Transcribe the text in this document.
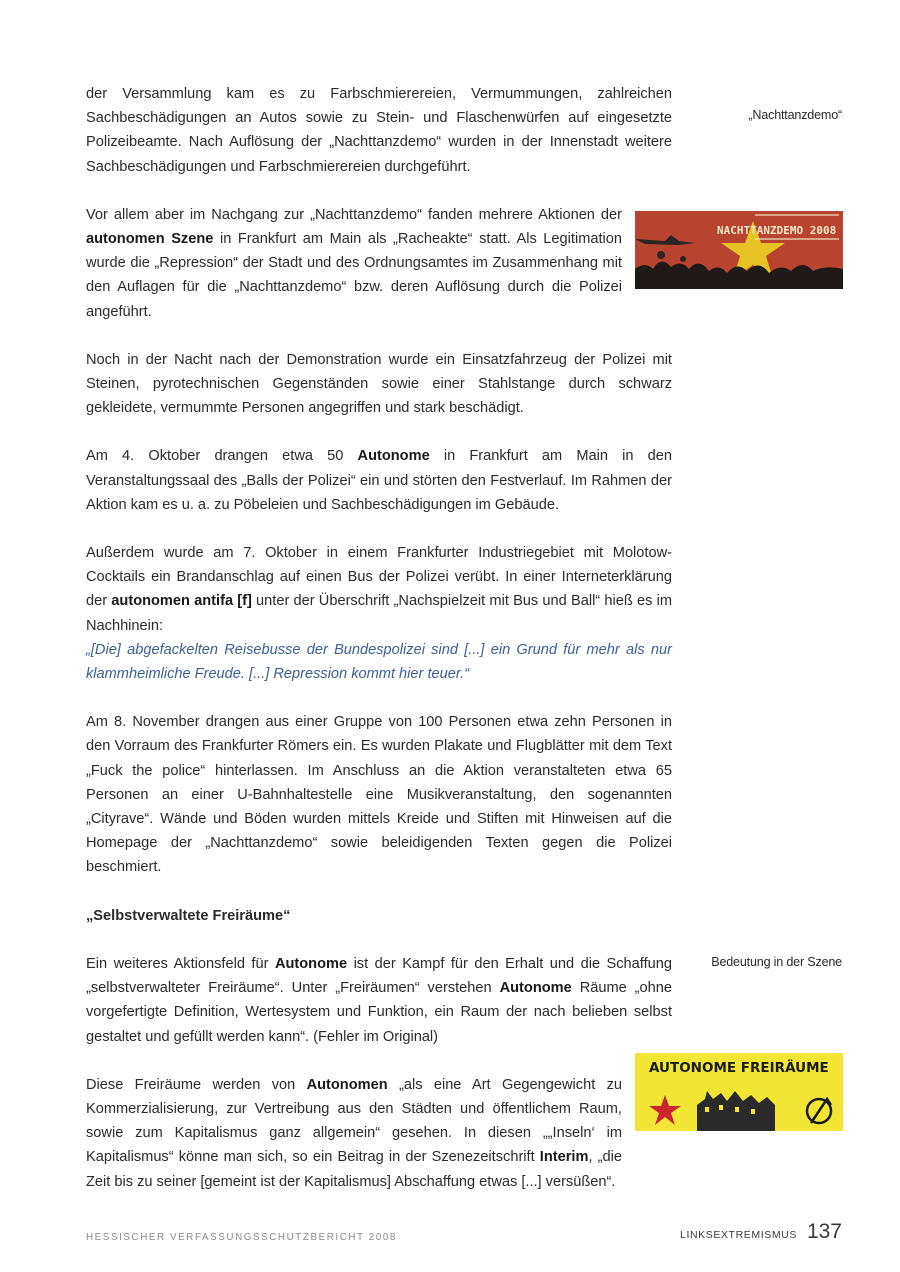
der Versammlung kam es zu Farbschmierereien, Vermummungen, zahlreichen Sachbeschädigungen an Autos sowie zu Stein- und Flaschenwürfen auf eingesetzte Polizeibeamte. Nach Auflösung der „Nachttanzdemo“ wurden in der Innenstadt weitere Sachbeschädigungen und Farbschmierereien durchgeführt.

Vor allem aber im Nachgang zur „Nachttanzdemo“ fanden mehrere Aktionen der autonomen Szene in Frankfurt am Main als „Racheakte“ statt. Als Legitimation wurde die „Repression“ der Stadt und des Ordnungsamtes im Zusammenhang mit den Auflagen für die „Nachttanzdemo“ bzw. deren Auflösung durch die Polizei angeführt.

Noch in der Nacht nach der Demonstration wurde ein Einsatzfahrzeug der Polizei mit Steinen, pyrotechnischen Gegenständen sowie einer Stahlstange durch schwarz gekleidete, vermummte Personen angegriffen und stark beschädigt.

Am 4. Oktober drangen etwa 50 Autonome in Frankfurt am Main in den Veranstaltungssaal des „Balls der Polizei“ ein und störten den Festverlauf. Im Rahmen der Aktion kam es u. a. zu Pöbeleien und Sachbeschädigungen im Gebäude.

Außerdem wurde am 7. Oktober in einem Frankfurter Industriegebiet mit Molotow-Cocktails ein Brandanschlag auf einen Bus der Polizei verübt. In einer Interneterklärung der autonomen antifa [f] unter der Überschrift „Nachspielzeit mit Bus und Ball“ hieß es im Nachhinein:

„[Die] abgefackelten Reisebusse der Bundespolizei sind [...] ein Grund für mehr als nur klammheimliche Freude. [...] Repression kommt hier teuer.“

Am 8. November drangen aus einer Gruppe von 100 Personen etwa zehn Personen in den Vorraum des Frankfurter Römers ein. Es wurden Plakate und Flugblätter mit dem Text „Fuck the police“ hinterlassen. Im Anschluss an die Aktion veranstalteten etwa 65 Personen an einer U-Bahnhaltestelle eine Musikveranstaltung, den sogenannten „Cityrave“. Wände und Böden wurden mittels Kreide und Stiften mit Hinweisen auf die Homepage der „Nachttanzdemo“ sowie beleidigenden Texten gegen die Polizei beschmiert.

„Selbstverwaltete Freiräume“

Ein weiteres Aktionsfeld für Autonome ist der Kampf für den Erhalt und die Schaffung „selbstverwalteter Freiräume“. Unter „Freiräumen“ verstehen Autonome Räume „ohne vorgefertigte Definition, Wertesystem und Funktion, ein Raum der nach belieben selbst gestaltet und gefüllt werden kann“. (Fehler im Original)

Diese Freiräume werden von Autonomen „als eine Art Gegengewicht zu Kommerzialisierung, zur Vertreibung aus den Städten und öffentlichem Raum, sowie zum Kapitalismus ganz allgemein“ gesehen. In diesen „„Inseln‘ im Kapitalismus“ könne man sich, so ein Beitrag in der Szenezeitschrift Interim, „die Zeit bis zu seiner [gemeint ist der Kapitalismus] Abschaffung etwas [...] versüßen“.

„Nachttanzdemo“
Bedeutung in der Szene
NACHTTANZDEMO 2008
AUTONOME FREIRÄUME
HESSISCHER VERFASSUNGSSCHUTZBERICHT 2008	LINKSEXTREMISMUS 137
